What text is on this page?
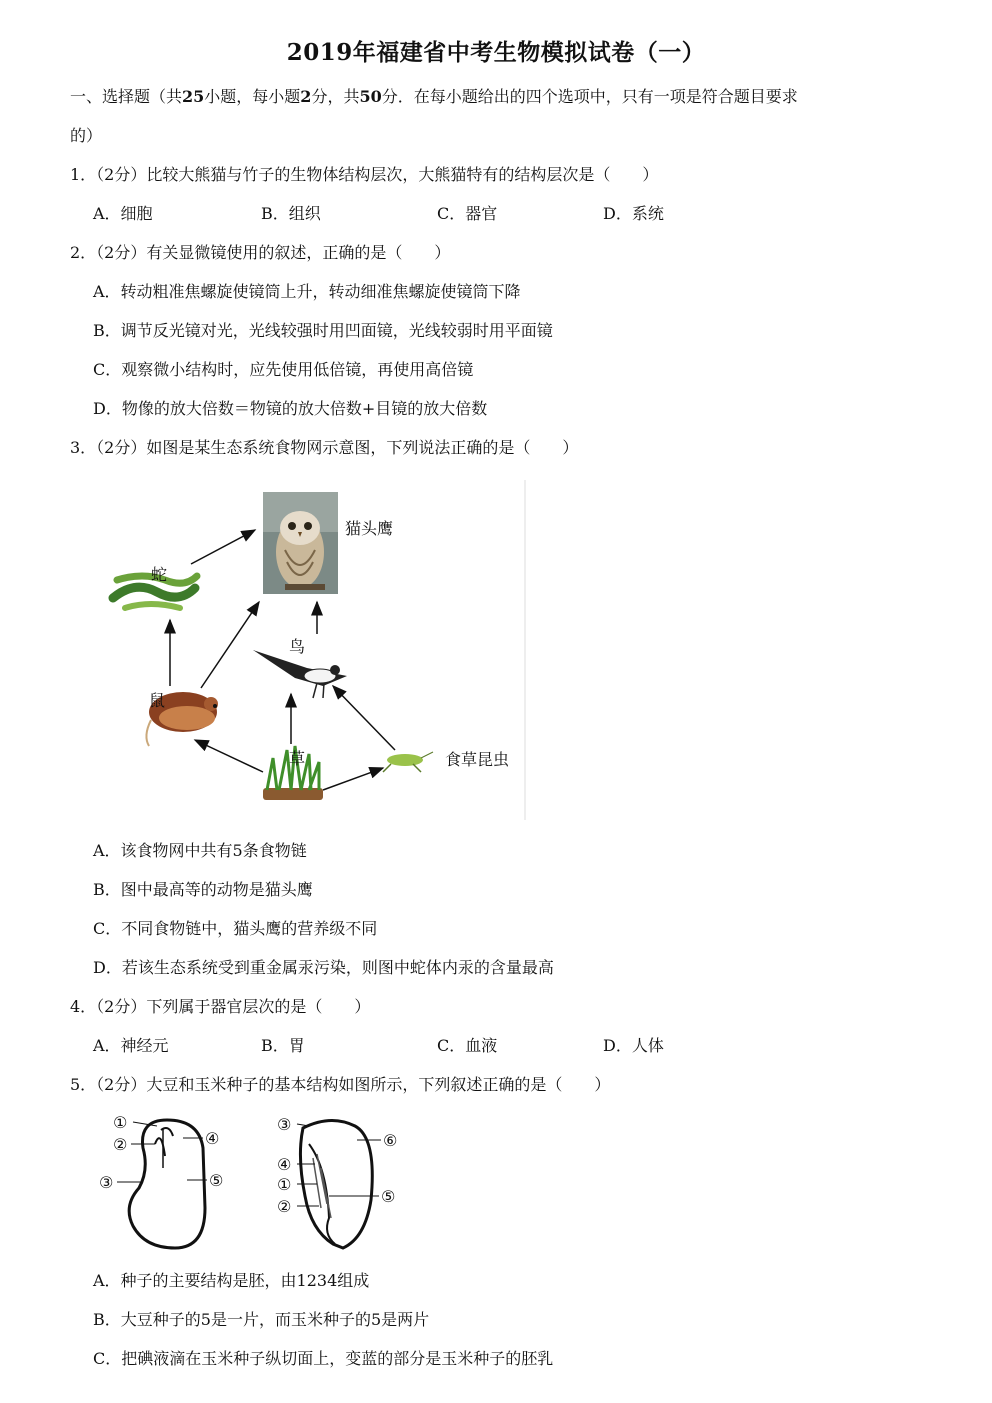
2019年福建省中考生物模拟试卷（一）
一、选择题（共25小题，每小题2分，共50分．在每小题给出的四个选项中，只有一项是符合题目要求
的）
1．（2分）比较大熊猫与竹子的生物体结构层次，大熊猫特有的结构层次是（　　）
A．细胞	B．组织	C．器官	D．系统
2．（2分）有关显微镜使用的叙述，正确的是（　　）
A．转动粗准焦螺旋使镜筒上升，转动细准焦螺旋使镜筒下降
B．调节反光镜对光，光线较强时用凹面镜，光线较弱时用平面镜
C．观察微小结构时，应先使用低倍镜，再使用高倍镜
D．物像的放大倍数＝物镜的放大倍数+目镜的放大倍数
3．（2分）如图是某生态系统食物网示意图，下列说法正确的是（　　）
猫头鹰
蛇
鸟
鼠
草	食草昆虫
A．该食物网中共有5条食物链
B．图中最高等的动物是猫头鹰
C．不同食物链中，猫头鹰的营养级不同
D．若该生态系统受到重金属汞污染，则图中蛇体内汞的含量最高
4．（2分）下列属于器官层次的是（　　）
A．神经元	B．胃	C．血液	D．人体
5．（2分）大豆和玉米种子的基本结构如图所示，下列叙述正确的是（　　）
①
②
③
④
⑤
③
④
①
②
⑥
⑤
A．种子的主要结构是胚，由1234组成
B．大豆种子的5是一片，而玉米种子的5是两片
C．把碘液滴在玉米种子纵切面上，变蓝的部分是玉米种子的胚乳
